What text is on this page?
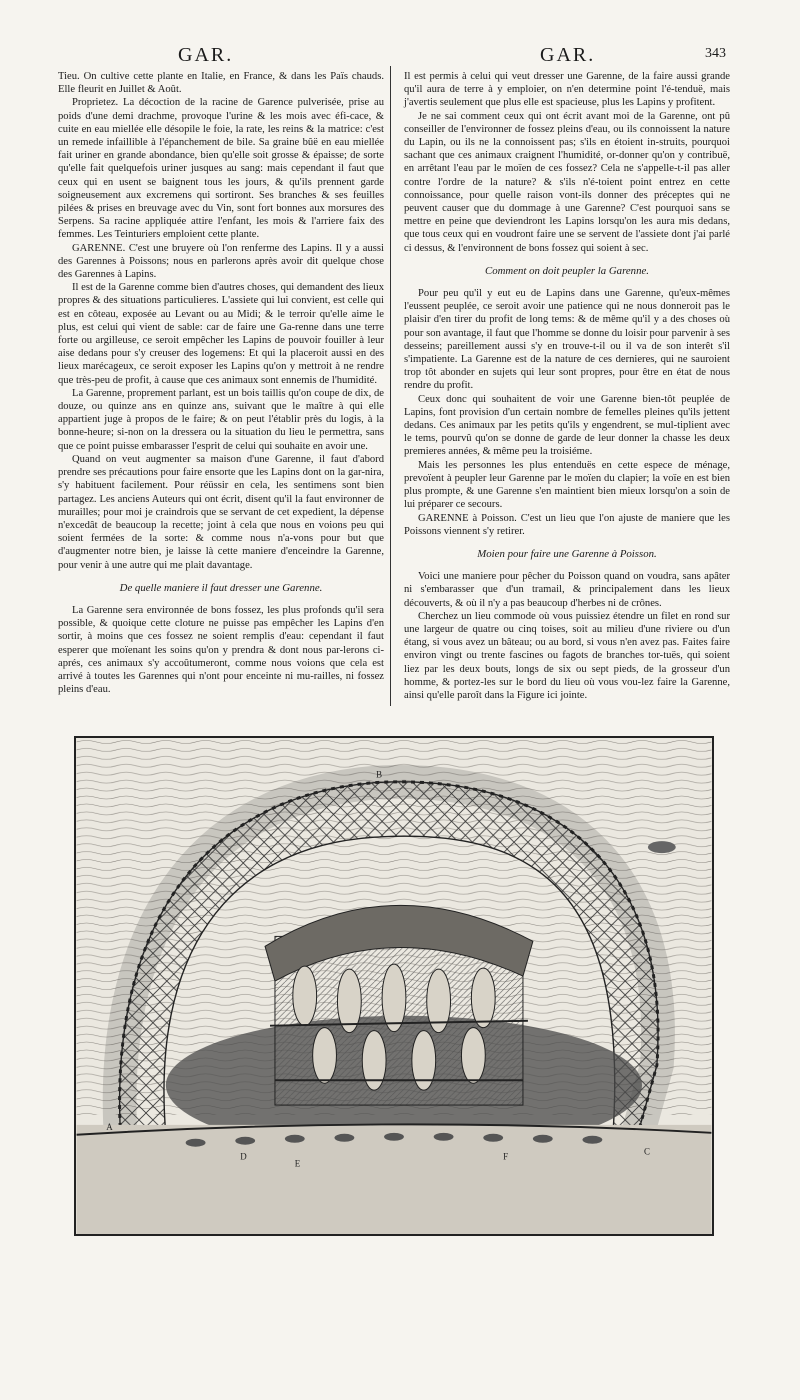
GAR.	GAR.	343

Tieu. On cultive cette plante en Italie, en France, & dans les Païs chauds. Elle fleurit en Juillet & Août.

Proprietez. La décoction de la racine de Garence pulverisée, prise au poids d'une demi drachme, provoque l'urine & les mois avec éfi-cace, & cuite en eau miellée elle désopile le foie, la rate, les reins & la matrice: c'est un remede infaillible à l'épanchement de bile. Sa graine bûë en eau miellée fait uriner en grande abondance, bien qu'elle soit grosse & épaisse; de sorte qu'elle fait quelquefois uriner jusques au sang: mais cependant il faut que ceux qui en usent se baignent tous les jours, & qu'ils prennent garde soigneusement aux excremens qui sortiront. Ses branches & ses feuilles pilées & prises en breuvage avec du Vin, sont fort bonnes aux morsures des Serpens. Sa racine appliquée attire l'enfant, les mois & l'arriere faix des femmes. Les Teinturiers emploient cette plante.

GARENNE. C'est une bruyere où l'on renferme des Lapins. Il y a aussi des Garennes à Poissons; nous en parlerons après avoir dit quelque chose des Garennes à Lapins.

Il est de la Garenne comme bien d'autres choses, qui demandent des lieux propres & des situations particulieres. L'assiete qui lui convient, est celle qui est en côteau, exposée au Levant ou au Midi; & le terroir qu'elle aime le plus, est celui qui vient de sable: car de faire une Ga-renne dans une terre forte ou argilleuse, ce seroit empêcher les Lapins de pouvoir fouiller à leur aise dedans pour s'y creuser des logemens: Et qui la placeroit aussi en des lieux marécageux, ce seroit exposer les Lapins qu'on y mettroit à ne rendre que très-peu de profit, à cause que ces animaux sont ennemis de l'humidité.

La Garenne, proprement parlant, est un bois taillis qu'on coupe de dix, de douze, ou quinze ans en quinze ans, suivant que le maître à qui elle appartient juge à propos de le faire; & on peut l'établir près du logis, à la bonne-heure; si-non on la dressera ou la situation du lieu le permettra, sans que ce point puisse embarasser l'esprit de celui qui souhaite en avoir une.

Quand on veut augmenter sa maison d'une Garenne, il faut d'abord prendre ses précautions pour faire ensorte que les Lapins dont on la gar-nira, s'y habituent facilement. Pour réüssir en cela, les sentimens sont bien partagez. Les anciens Auteurs qui ont écrit, disent qu'il la faut environner de murailles; pour moi je craindrois que se servant de cet expedient, la dépense n'excedât de beaucoup la recette; joint à cela que nous en voions peu qui soient fermées de la sorte: & comme nous n'a-vons pour but que d'augmenter notre bien, je laisse là cette maniere d'enceindre la Garenne, pour venir à une autre qui me plait davantage.

De quelle maniere il faut dresser une Garenne.

La Garenne sera environnée de bons fossez, les plus profonds qu'il sera possible, & quoique cette cloture ne puisse pas empêcher les Lapins d'en sortir, à moins que ces fossez ne soient remplis d'eau: cependant il faut esperer que moïenant les soins qu'on y prendra & dont nous par-lerons ci-aprés, ces animaux s'y accoûtumeront, comme nous voions que cela est arrivé à toutes les Garennes qui n'ont pour enceinte ni mu-railles, ni fossez pleins d'eau.

Il est permis à celui qui veut dresser une Garenne, de la faire aussi grande qu'il aura de terre à y emploier, on n'en determine point l'é-tenduë, mais j'avertis seulement que plus elle est spacieuse, plus les Lapins y profitent.

Je ne sai comment ceux qui ont écrit avant moi de la Garenne, ont pû conseiller de l'environner de fossez pleins d'eau, ou ils connoissent la nature du Lapin, ou ils ne la connoissent pas; s'ils en étoient in-struits, pourquoi sachant que ces animaux craignent l'humidité, or-donner qu'on y contribuë, en arrêtant l'eau par le moïen de ces fossez? Cela ne s'appelle-t-il pas aller contre l'ordre de la nature? & s'ils n'é-toient point entrez en cette connoissance, pour quelle raison vont-ils donner des préceptes qui ne peuvent causer que du dommage à une Garenne? C'est pourquoi sans se mettre en peine que deviendront les Lapins lorsqu'on les aura mis dedans, que tous ceux qui en voudront faire une se servent de l'assiete dont j'ai parlé ci dessus, & l'environnent de bons fossez qui soient à sec.

Comment on doit peupler la Garenne.

Pour peu qu'il y eut eu de Lapins dans une Garenne, qu'eux-mêmes l'eussent peuplée, ce seroit avoir une patience qui ne nous donneroit pas le plaisir d'en tirer du profit de long tems: & de même qu'il y a des choses où pour son avantage, il faut que l'homme se donne du loisir pour parvenir à ses desseins; pareillement aussi s'y en trouve-t-il ou il va de son interêt s'il s'impatiente. La Garenne est de la nature de ces dernieres, qui ne sauroient trop tôt abonder en sujets qui leur sont propres, pour être en état de nous rendre du profit.

Ceux donc qui souhaitent de voir une Garenne bien-tôt peuplée de Lapins, font provision d'un certain nombre de femelles pleines qu'ils jettent dedans. Ces animaux par les petits qu'ils y engendrent, se mul-tiplient avec le tems, pourvû qu'on se donne de garde de leur donner la chasse les deux premieres années, & même peu la troisiéme.

Mais les personnes les plus entenduës en cette espece de ménage, prevoïent à peupler leur Garenne par le moïen du clapier; la voïe en est bien plus prompte, & une Garenne s'en maintient bien mieux lorsqu'on a soin de lui préparer ce secours.

GARENNE à Poisson. C'est un lieu que l'on ajuste de maniere que les Poissons viennent s'y retirer.

Moien pour faire une Garenne à Poisson.

Voici une maniere pour pêcher du Poisson quand on voudra, sans apâter ni s'embarasser que d'un tramail, & principalement dans les lieux découverts, & où il n'y a pas beaucoup d'herbes ni de crônes.

Cherchez un lieu commode où vous puissiez étendre un filet en rond sur une largeur de quatre ou cinq toises, soit au milieu d'une riviere ou d'un étang, si vous avez un bâteau; ou au bord, si vous n'en avez pas. Faites faire environ vingt ou trente fascines ou fagots de branches tor-tuës, qui soient liez par les deux bouts, longs de six ou sept pieds, de la grosseur d'un homme, & portez-les sur le bord du lieu où vous vou-lez faire la Garenne, ainsi qu'elle paroît dans la Figure ici jointe.

A
B
C
D
E
F
